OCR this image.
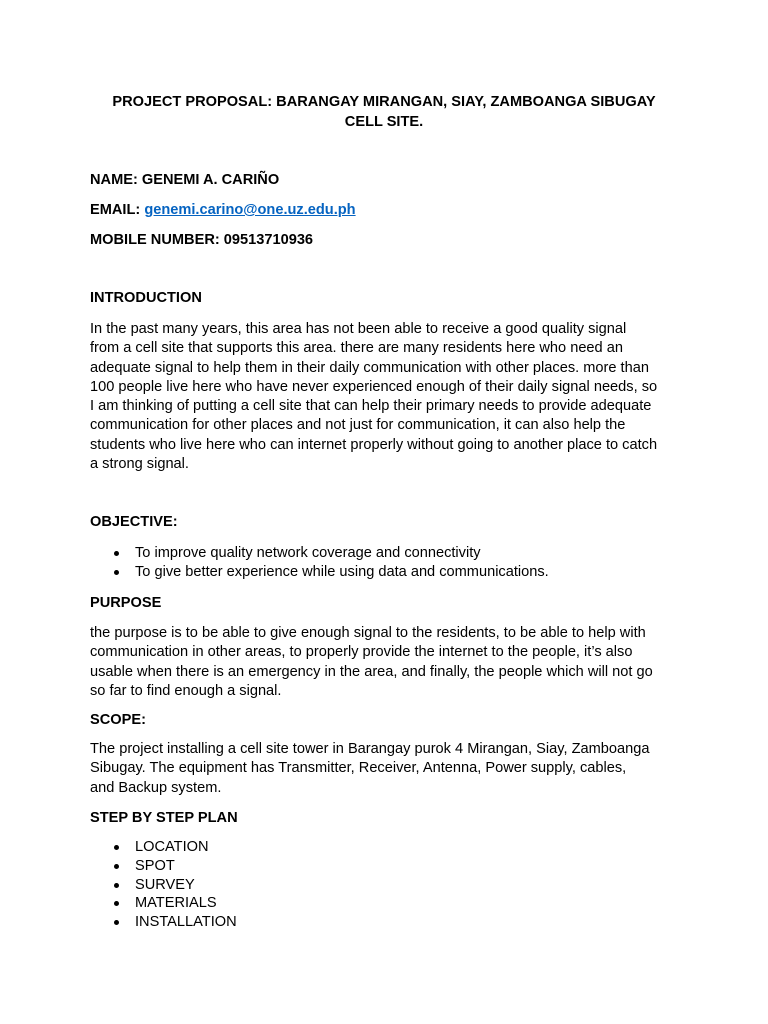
PROJECT PROPOSAL: BARANGAY MIRANGAN, SIAY, ZAMBOANGA SIBUGAY
CELL SITE.
NAME: GENEMI A. CARIÑO
EMAIL: genemi.carino@one.uz.edu.ph
MOBILE NUMBER: 09513710936
INTRODUCTION
In the past many years, this area has not been able to receive a good quality signal
from a cell site that supports this area. there are many residents here who need an
adequate signal to help them in their daily communication with other places. more than
100 people live here who have never experienced enough of their daily signal needs, so
I am thinking of putting a cell site that can help their primary needs to provide adequate
communication for other places and not just for communication, it can also help the
students who live here who can internet properly without going to another place to catch
a strong signal.
OBJECTIVE:
To improve quality network coverage and connectivity
To give better experience while using data and communications.
PURPOSE
the purpose is to be able to give enough signal to the residents, to be able to help with
communication in other areas, to properly provide the internet to the people, it’s also
usable when there is an emergency in the area, and finally, the people which will not go
so far to find enough a signal.
SCOPE:
The project installing a cell site tower in Barangay purok 4 Mirangan, Siay, Zamboanga
Sibugay. The equipment has Transmitter, Receiver, Antenna, Power supply, cables,
and Backup system.
STEP BY STEP PLAN
LOCATION
SPOT
SURVEY
MATERIALS
INSTALLATION
